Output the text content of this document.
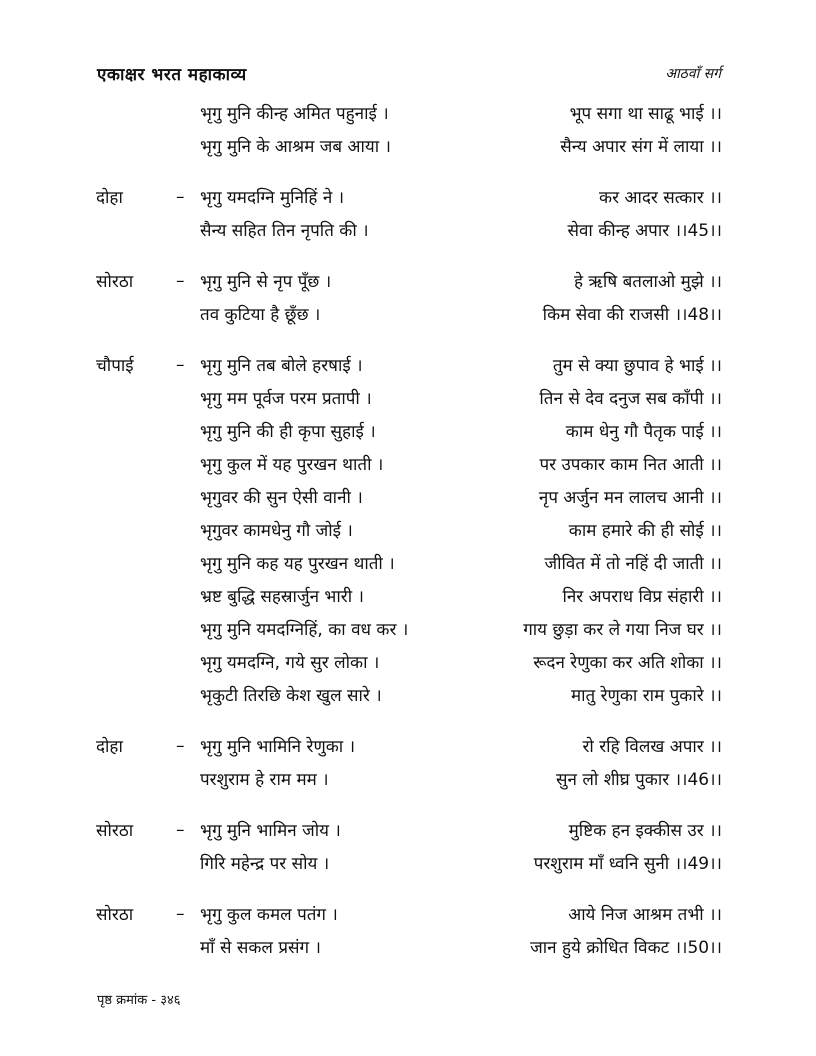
एकाक्षर भरत महाकाव्य	आठवाँ सर्ग
भृगु मुनि कीन्ह अमित पहुनाई ।	भूप सगा था साढू भाई ।।
भृगु मुनि के आश्रम जब आया ।	सैन्य अपार संग में लाया ।।
दोहा	– भृगु यमदग्नि मुनिहिं ने ।	कर आदर सत्कार ।।
सैन्य सहित तिन नृपति की ।	सेवा कीन्ह अपार ।।45।।
सोरठा	– भृगु मुनि से नृप पूँछ ।	हे ऋषि बतलाओ मुझे ।।
तव कुटिया है छूँछ ।	किम सेवा की राजसी ।।48।।
चौपाई	– भृगु मुनि तब बोले हरषाई ।	तुम से क्या छुपाव हे भाई ।।
भृगु मम पूर्वज परम प्रतापी ।	तिन से देव दनुज सब काँपी ।।
भृगु मुनि की ही कृपा सुहाई ।	काम धेनु गौ पैतृक पाई ।।
भृगु कुल में यह पुरखन थाती ।	पर उपकार काम नित आती ।।
भृगुवर की सुन ऐसी वानी ।	नृप अर्जुन मन लालच आनी ।।
भृगुवर कामधेनु गौ जोई ।	काम हमारे की ही सोई ।।
भृगु मुनि कह यह पुरखन थाती ।	जीवित में तो नहिं दी जाती ।।
भ्रष्ट बुद्धि सहस्रार्जुन भारी ।	निर अपराध विप्र संहारी ।।
भृगु मुनि यमदग्निहिं, का वध कर ।	गाय छुड़ा कर ले गया निज घर ।।
भृगु यमदग्नि, गये सुर लोका ।	रूदन रेणुका कर अति शोका ।।
भृकुटी तिरछि केश खुल सारे ।	मातु रेणुका राम पुकारे ।।
दोहा	– भृगु मुनि भामिनि रेणुका ।	रो रहि विलख अपार ।।
परशुराम हे राम मम ।	सुन लो शीघ्र पुकार ।।46।।
सोरठा	– भृगु मुनि भामिन जोय ।	मुष्टिक हन इक्कीस उर ।।
गिरि महेन्द्र पर सोय ।	परशुराम माँ ध्वनि सुनी ।।49।।
सोरठा	– भृगु कुल कमल पतंग ।	आये निज आश्रम तभी ।।
माँ से सकल प्रसंग ।	जान हुये क्रोधित विकट ।।50।।
पृष्ठ क्रमांक - ३४६
